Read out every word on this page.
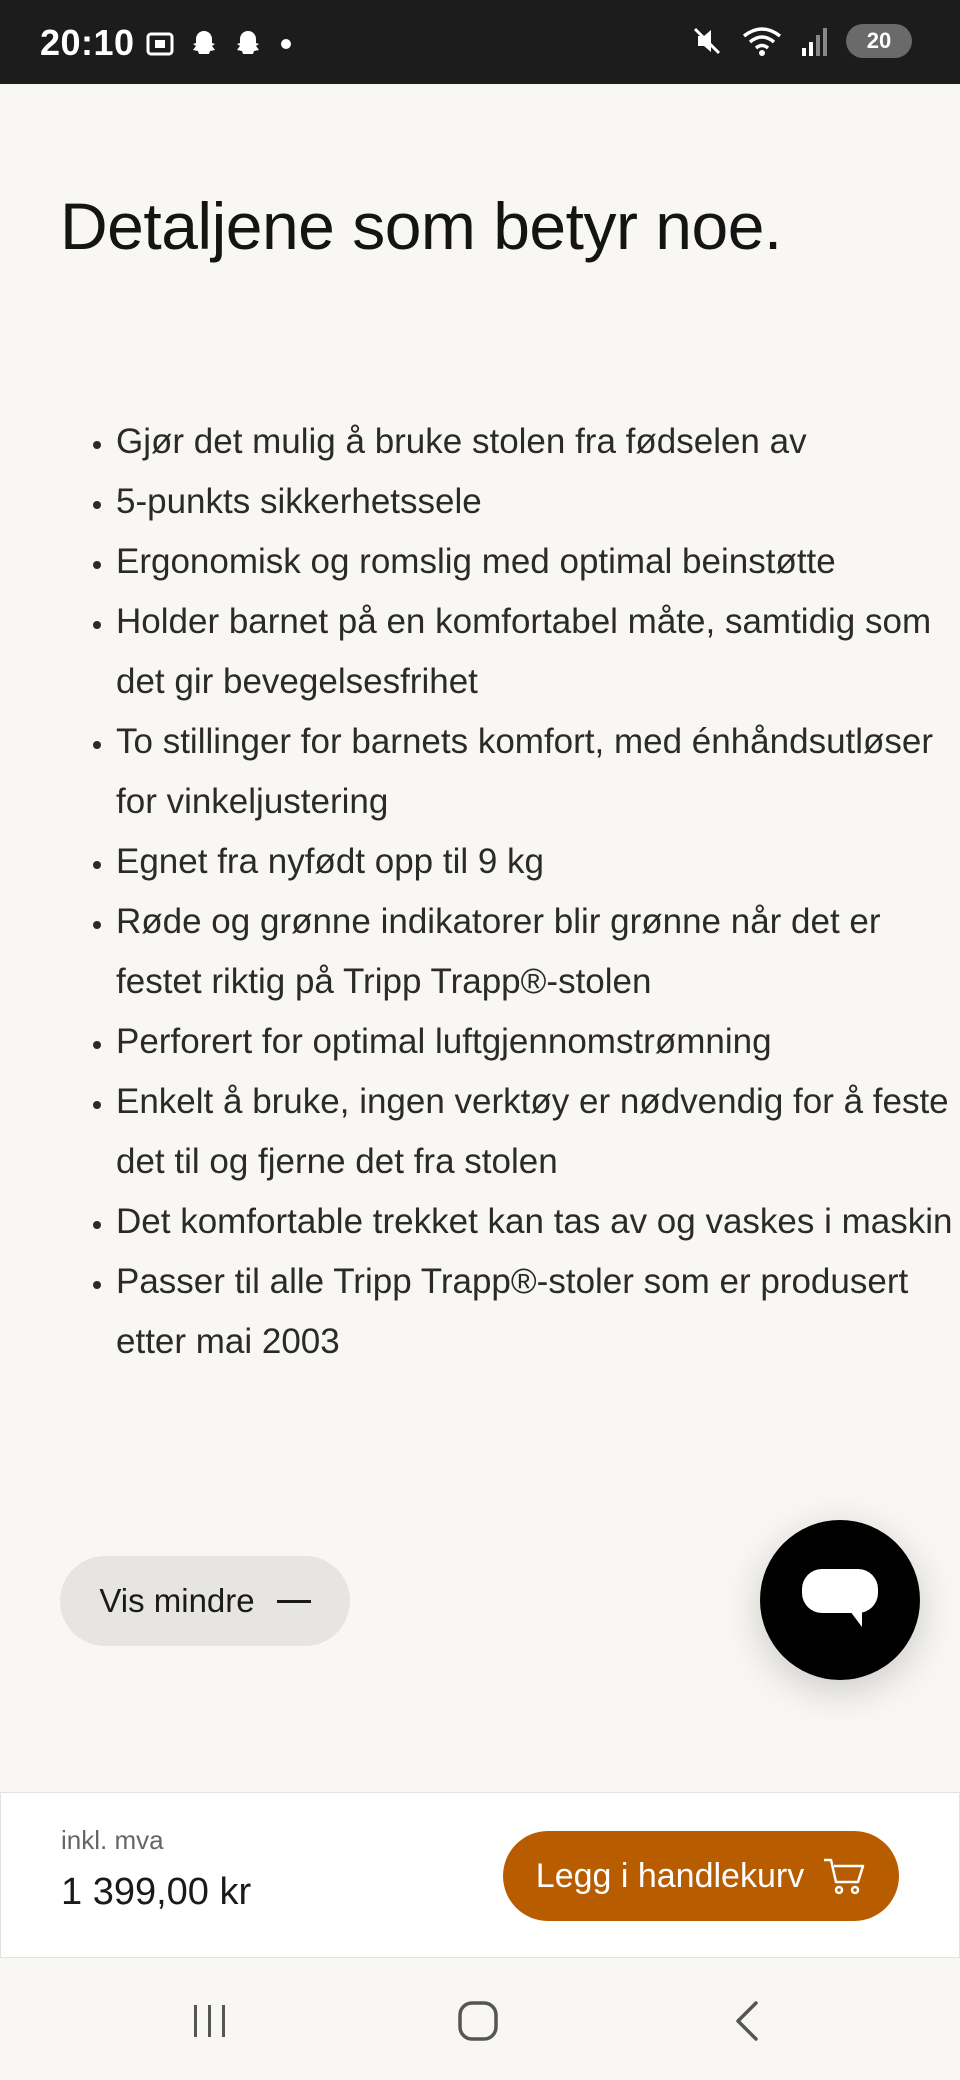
20:10	20
Detaljene som betyr noe.
• Gjør det mulig å bruke stolen fra fødselen av
• 5-punkts sikkerhetssele
• Ergonomisk og romslig med optimal beinstøtte
• Holder barnet på en komfortabel måte, samtidig som det gir bevegelsesfrihet
• To stillinger for barnets komfort, med énhåndsutløser for vinkeljustering
• Egnet fra nyfødt opp til 9 kg
• Røde og grønne indikatorer blir grønne når det er festet riktig på Tripp Trapp®-stolen
• Perforert for optimal luftgjennomstrømning
• Enkelt å bruke, ingen verktøy er nødvendig for å feste det til og fjerne det fra stolen
• Det komfortable trekket kan tas av og vaskes i maskin
• Passer til alle Tripp Trapp®-stoler som er produsert etter mai 2003
Vis mindre
inkl. mva
1 399,00 kr	Legg i handlekurv
